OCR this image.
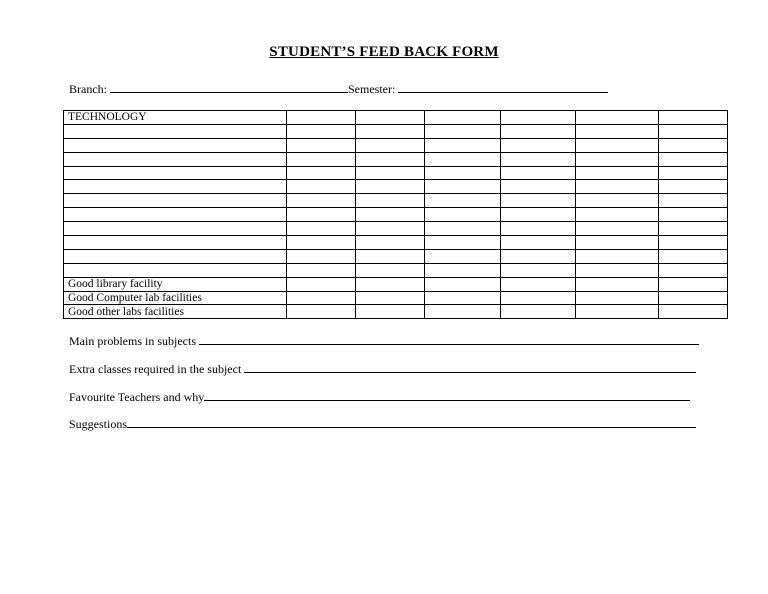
STUDENT’S FEED BACK FORM
Branch:	Semester:
TECHNOLOGY						

Good library facility						
Good Computer lab facilities						
Good other labs facilities						
Main problems in subjects
Extra classes required in the subject
Favourite Teachers and why
Suggestions
